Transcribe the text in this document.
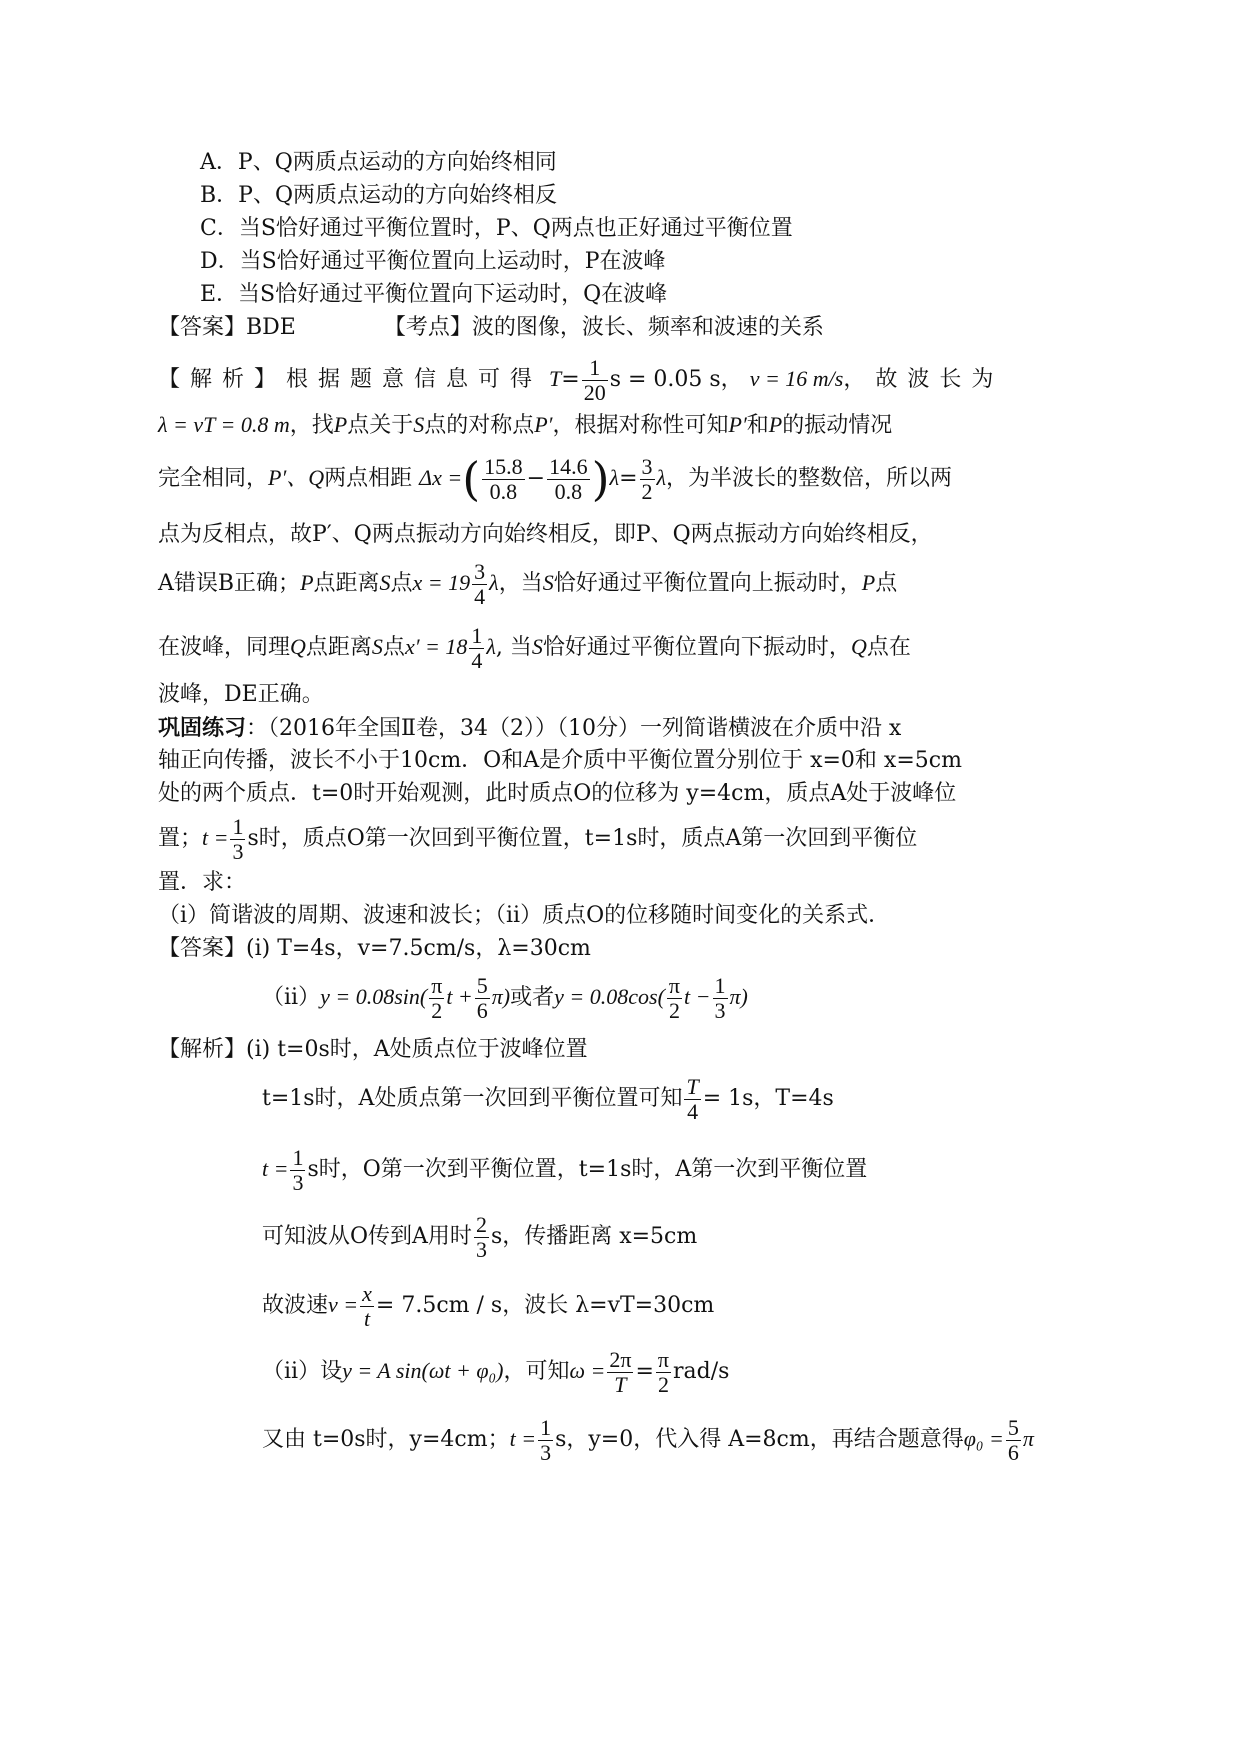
A．P、Q两质点运动的方向始终相同
B．P、Q两质点运动的方向始终相反
C．当S恰好通过平衡位置时，P、Q两点也正好通过平衡位置
D．当S恰好通过平衡位置向上运动时，P在波峰
E．当S恰好通过平衡位置向下运动时，Q在波峰
【答案】BDE	【考点】波的图像，波长、频率和波速的关系
【解析】根据题意信息可得 $T= \frac{1}{20}$ s = 0.05 s， v = 16 m/s，故波长为
λ = vT = 0.8 m，找P点关于S点的对称点P′，根据对称性可知P′和P的振动情况
完全相同，P′、Q两点相距 Δx =( $\frac{15.8}{0.8} - \frac{14.6}{0.8} )\lambda= \frac{3}{2}$ λ，为半波长的整数倍，所以两
点为反相点，故P′、Q两点振动方向始终相反，即P、Q两点振动方向始终相反，
A错误B正确；P点距离S点$x = 19 \frac{3}{4}$ λ，当S恰好通过平衡位置向上振动时，P点
在波峰，同理Q点距离S点$x' = 18 \frac{1}{4} \lambda$, 当S恰好通过平衡位置向下振动时，Q点在
波峰，DE正确。
巩固练习：（2016年全国Ⅱ卷，34（2））（10分）一列简谐横波在介质中沿 x
轴正向传播，波长不小于10cm．O和A是介质中平衡位置分别位于 x=0和 x=5cm
处的两个质点．t=0时开始观测，此时质点O的位移为 y=4cm，质点A处于波峰位
置；$t = \frac{1}{3}$ s时，质点O第一次回到平衡位置，t=1s时，质点A第一次回到平衡位
置．求：
（ⅰ）简谐波的周期、波速和波长；（ⅱ）质点O的位移随时间变化的关系式．
【答案】(ⅰ) T=4s，v=7.5cm/s，λ=30cm
（ⅱ）y = $0.08\sin( \frac{\pi}{2}$ $t + \frac{5}{6} \pi$)或者$y = 0.08\cos( \frac{\pi}{2}$ $t - \frac{1}{3} \pi$)
【解析】(ⅰ) t=0s时，A处质点位于波峰位置
t=1s时，A处质点第一次回到平衡位置可知 $\frac{T}{4} = 1s$，T=4s
$t = \frac{1}{3}$ s时，O第一次到平衡位置，t=1s时，A第一次到平衡位置
可知波从O传到A用时 $\frac{2}{3}$ s，传播距离 x=5cm
故波速$v = \frac{x}{t} = 7.5cm / s$，波长 λ=vT=30cm
（ⅱ）设y = A sin(ωt + φ₀)，可知$\omega = \frac{2\pi}{T} = \frac{\pi}{2} rad/s$
又由 t=0s时，y=4cm；$t = \frac{1}{3}$ s，y=0，代入得 A=8cm，再结合题意得$\varphi_0 = \frac{5}{6}$ π
